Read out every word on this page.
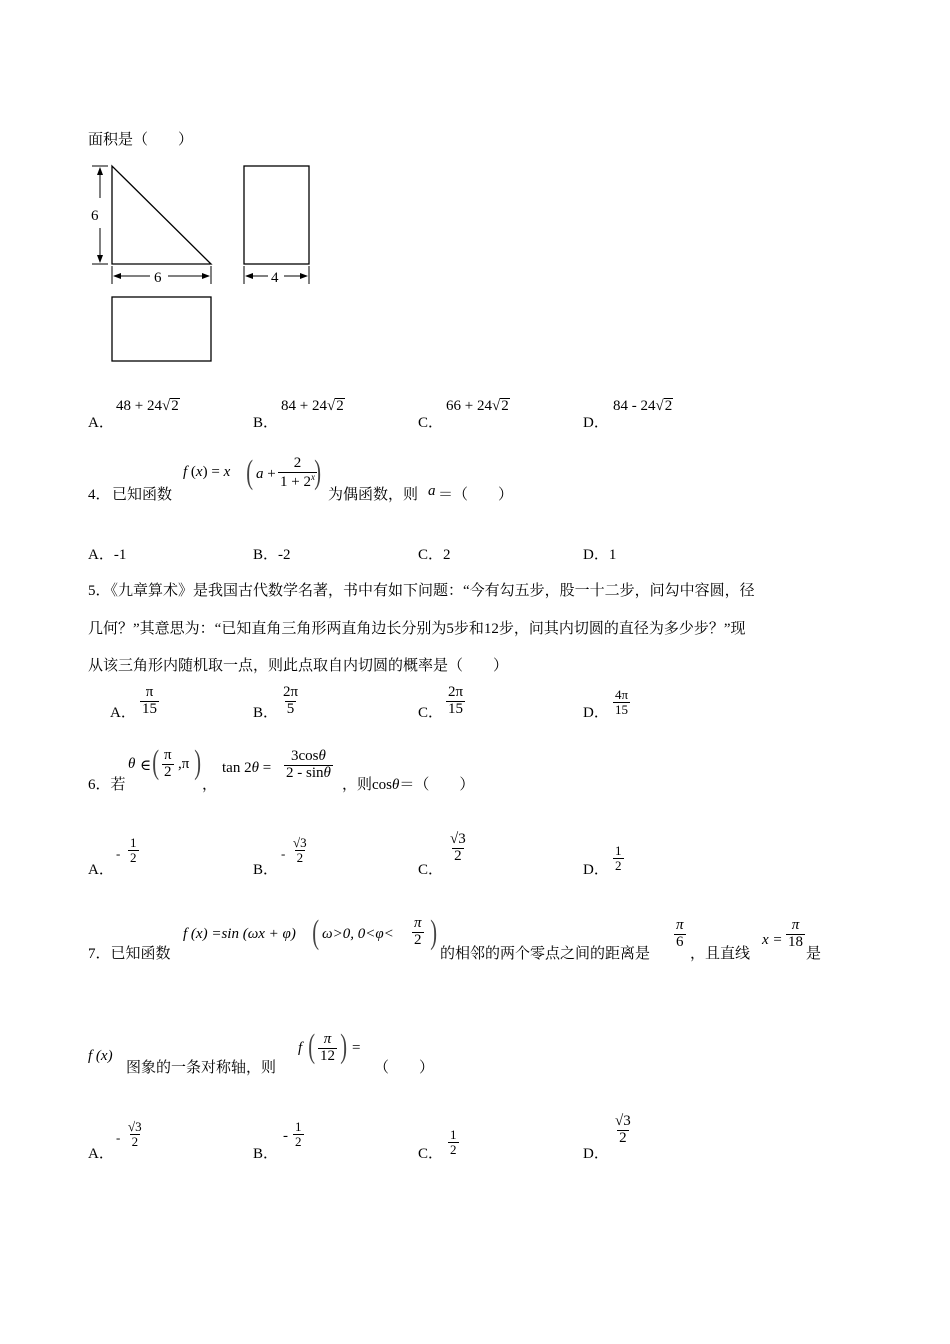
面积是（　　）
6
6	4
A．
48 + 24 √ 2
B．
84 + 24 √ 2
C．
66 + 24 √ 2
D．
84 - 24 √ 2
4． 已知函数
f (x) = x ( $a + \frac{2}{1 + 2^x}$
)
为偶函数，则 a ＝（　　）
A．-1	B．-2	C．2	D．1
5．《九章算术》是我国古代数学名著，书中有如下问题：“今有勾五步，股一十二步，问勾中容圆，径
几何？”其意思为：“已知直角三角形两直角边长分别为5步和12步，问其内切圆的直径为多少步？”现
从该三角形内随机取一点，则此点取自内切圆的概率是（　　）
A． $\frac{\pi}{15}$	B． $\frac{2\pi}{5}$	C． $\frac{2\pi}{15}$	D． $\frac{4\pi}{15}$
6．若
θ ∈ ( $\frac{\pi}{2} ,\pi$ )
，
$\tan 2\theta = \frac{3\cos\theta}{2 - \sin\theta}$
，则cosθ＝（　　）
A．
- $\frac{1}{2}$
B．
- $\frac{√3}{2}$
C．
$\frac{√3}{2}$
D． $\frac{1}{2}$
7．已知函数
f (x) =sin (ωx + φ) ( ω>0, $0<\varphi< \frac{\pi}{2}$ )
的相邻的两个零点之间的距离是
$\frac{\pi}{6}$
，且直线
$x = \frac{\pi}{18}$
是
f (x)
图象的一条对称轴，则
f ( $\frac{\pi}{12}$ ) =
（　　）
A．
- $\frac{√3}{2}$
B．
- $\frac{1}{2}$
C． $\frac{1}{2}$	D．
$\frac{√3}{2}$
